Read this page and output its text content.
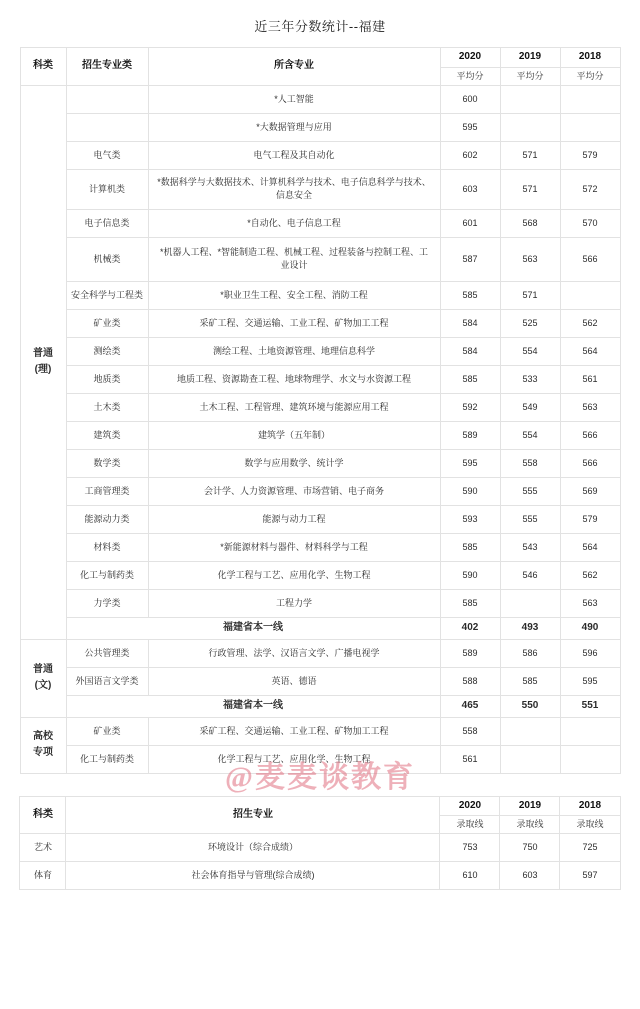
近三年分数统计--福建
科类	招生专业类	所含专业	2020	2019	2018
			平均分	平均分	平均分

普通
(理)		*人工智能	600		
		*大数据管理与应用	595		
	电气类	电气工程及其自动化	602	571	579
	计算机类	*数据科学与大数据技术、计算机科学与技术、电子信息科学与技术、信息安全	603	571	572
	电子信息类	*自动化、电子信息工程	601	568	570
	机械类	*机器人工程、*智能制造工程、机械工程、过程装备与控制工程、工业设计	587	563	566
	安全科学与工程类	*职业卫生工程、安全工程、消防工程	585	571	
	矿业类	采矿工程、交通运输、工业工程、矿物加工工程	584	525	562
	测绘类	测绘工程、土地资源管理、地理信息科学	584	554	564
	地质类	地质工程、资源勘查工程、地球物理学、水文与水资源工程	585	533	561
	土木类	土木工程、工程管理、建筑环境与能源应用工程	592	549	563
	建筑类	建筑学（五年制）	589	554	566
	数学类	数学与应用数学、统计学	595	558	566
	工商管理类	会计学、人力资源管理、市场营销、电子商务	590	555	569
	能源动力类	能源与动力工程	593	555	579
	材料类	*新能源材料与器件、材料科学与工程	585	543	564
	化工与制药类	化学工程与工艺、应用化学、生物工程	590	546	562
	力学类	工程力学	585		563
	福建省本一线		402	493	490

普通
(文)	公共管理类	行政管理、法学、汉语言文学、广播电视学	589	586	596
	外国语言文学类	英语、德语	588	585	595
	福建省本一线		465	550	551

高校
专项	矿业类	采矿工程、交通运输、工业工程、矿物加工工程	558		
	化工与制药类	化学工程与工艺、应用化学、生物工程	561		

科类	招生专业	2020	2019	2018
		录取线	录取线	录取线
艺术	环境设计（综合成绩）	753	750	725
体育	社会体育指导与管理(综合成绩)	610	603	597
@麦麦谈教育
